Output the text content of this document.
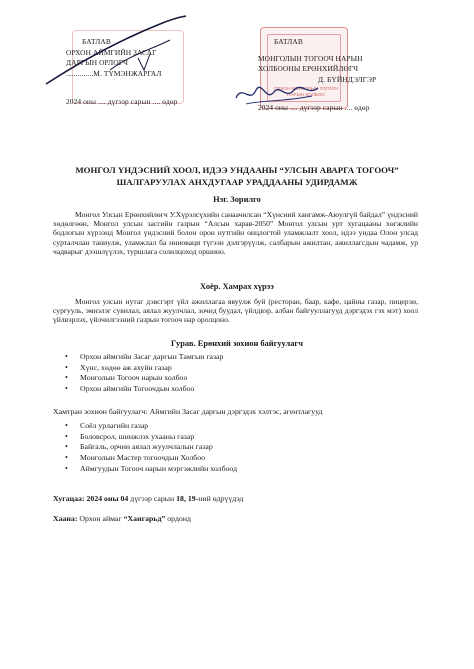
ОРХОН МОНГОЛЫН ТОГООЧ НАРЫН ХОЛБОО
БАТЛАВ
ОРХОН АЙМГИЙН ЗАСАГ
ДАРГЫН ОРЛОГЧ
..............М. ТҮМЭНЖАРГАЛ
2024 оны .... дүгээр сарын .... өдөр
БАТЛАВ
МОНГОЛЫН ТОГООЧ НАРЫН
ХОЛБООНЫ ЕРӨНХИЙЛӨГЧ
Д. БҮЙНДЭЛГЭР
2024 оны .... дүгээр сарын .... өдөр
МОНГОЛ ҮНДЭСНИЙ ХООЛ, ИДЭЭ УНДААНЫ “УЛСЫН АВАРГА ТОГООЧ”
ШАЛГАРУУЛАХ АНХДУГААР УРАДДААНЫ УДИРДАМЖ
Нэг. Зорилго
Монгол Улсын Ерөнхийлөгч У.Хүрэлсүхийн санаачилсан “Хүнсний хангамж-Аюулгүй байдал” үндэсний хөдөлгөөн, Монгол улсын засгийн газрын “Алсын харав-2050” Монгол улсын урт хугацааны хөгжлийн бодлогын хүрээнд Монгол үндэсний болон орон нутгийн онцлогтой уламжлалт хоол, идээ ундаа Олон улсад сурталчлан таниулж, уламжлал ба инноваци түгээн дэлгэрүүлж, салбарын ажилтан, ажиллагсдын чадамж, ур чадварыг дээшлүүлэх, туршлага солилцоход оршино.
Хоёр. Хамрах хүрээ
Монгол улсын нутаг дэвсгэрт үйл ажиллагаа явуулж буй (ресторан, баар, кафе, цайны газар, пицерэи, сургууль, эмнэлэг сувилал, аялал жуулчлал, зочид буудал, үйлдвэр, албан байгууллагууд дэргэдэх гэх мэт) хоол үйлвэрлэх, үйлчилгээний газрын тогооч нар оролцоно.
Гурав. Ерөнхий зохион байгуулагч
• Орхон аймгийн Засаг даргын Тамгын газар
• Хүнс, хөдөө аж ахуйн газар
• Монголын Тогооч нарын холбоо
• Орхон аймгийн Тогоочдын холбоо
Хамтран зохион байгуулагч: Аймгийн Засаг даргын дэргэдэх хэлтэс, агентлагууд
• Соёл урлагийн газар
• Боловсрол, шинжлэх ухааны газар
• Байгаль, орчин аялал жуулчлалын газар
• Монголын Мастер тогоочдын Холбоо
• Аймгуудын Тогооч нарын мэргэжлийн холбоод
Хугацаа: 2024 оны 04 дүгээр сарын 18, 19-ний өдрүүдэд
Хаана: Орхон аймаг “Хангарьд” ордонд
